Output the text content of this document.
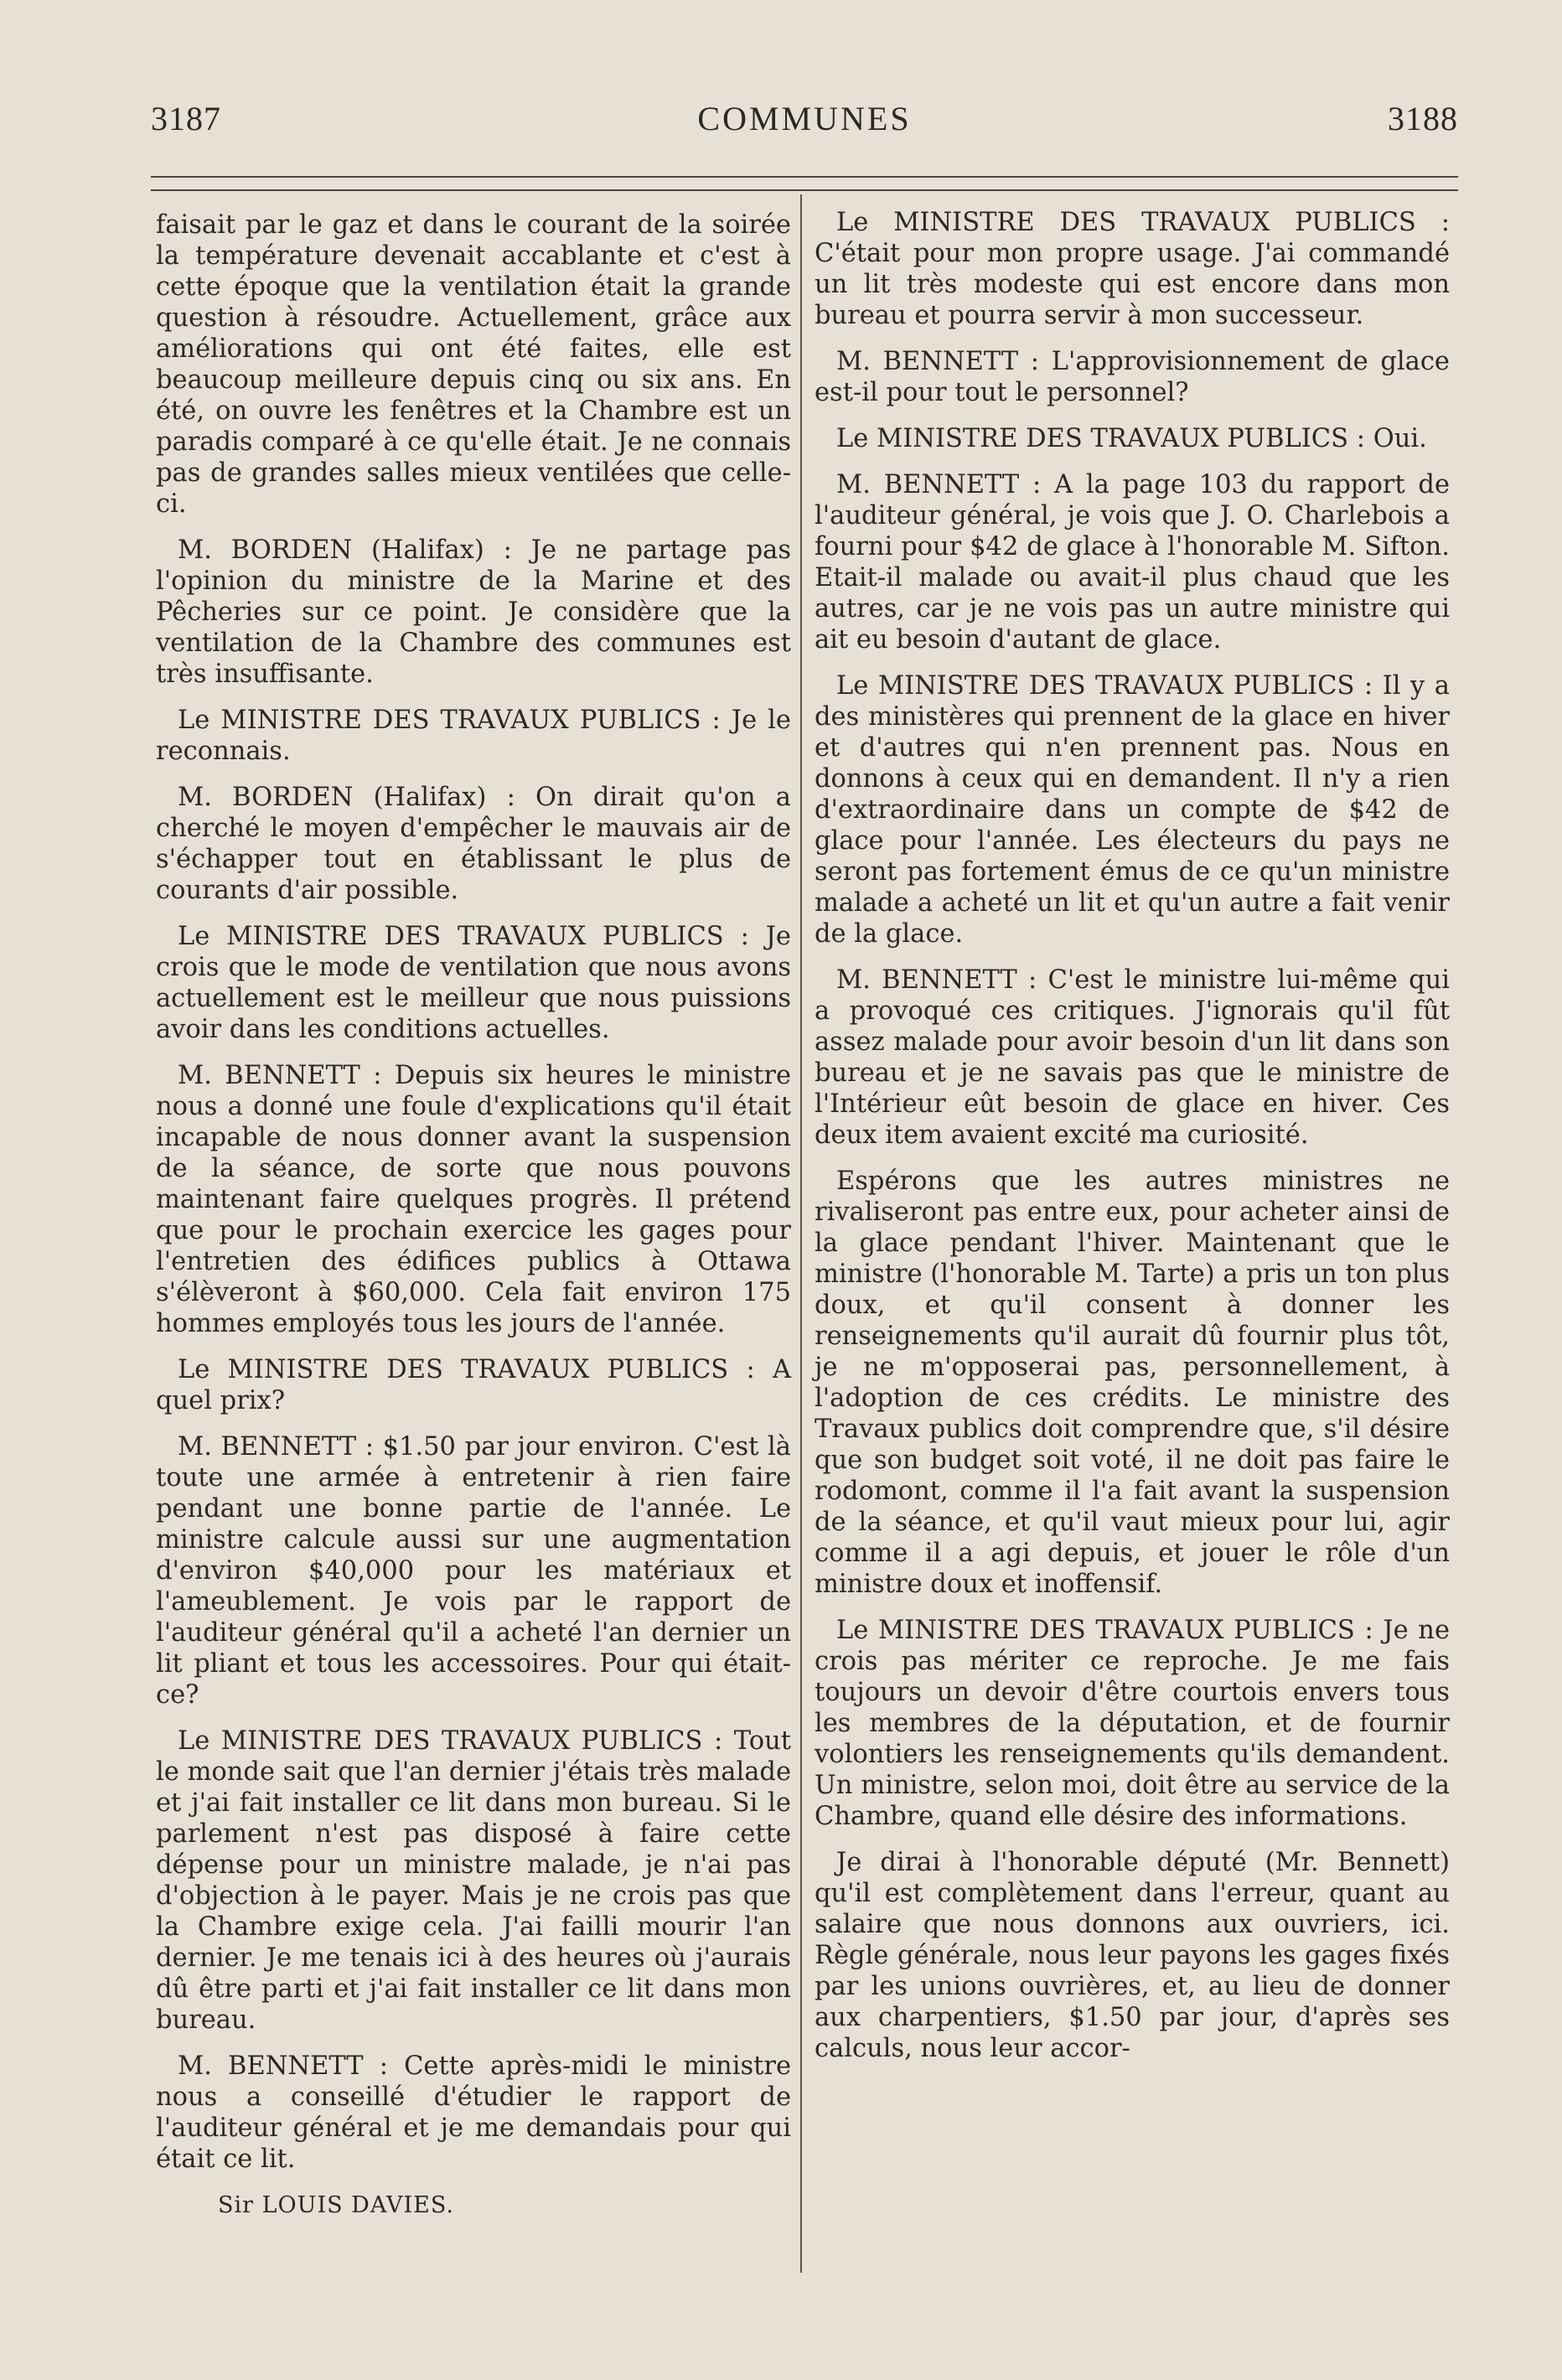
3187	COMMUNES	3188

faisait par le gaz et dans le courant de la soirée la température devenait accablante et c'est à cette époque que la ventilation était la grande question à résoudre. Actuellement, grâce aux améliorations qui ont été faites, elle est beaucoup meilleure depuis cinq ou six ans. En été, on ouvre les fenêtres et la Chambre est un paradis comparé à ce qu'elle était. Je ne connais pas de grandes salles mieux ventilées que celle-ci.

M. BORDEN (Halifax) : Je ne partage pas l'opinion du ministre de la Marine et des Pêcheries sur ce point. Je considère que la ventilation de la Chambre des communes est très insuffisante.

Le MINISTRE DES TRAVAUX PUBLICS : Je le reconnais.

M. BORDEN (Halifax) : On dirait qu'on a cherché le moyen d'empêcher le mauvais air de s'échapper tout en établissant le plus de courants d'air possible.

Le MINISTRE DES TRAVAUX PUBLICS : Je crois que le mode de ventilation que nous avons actuellement est le meilleur que nous puissions avoir dans les conditions actuelles.

M. BENNETT : Depuis six heures le ministre nous a donné une foule d'explications qu'il était incapable de nous donner avant la suspension de la séance, de sorte que nous pouvons maintenant faire quelques progrès. Il prétend que pour le prochain exercice les gages pour l'entretien des édifices publics à Ottawa s'élèveront à $60,000. Cela fait environ 175 hommes employés tous les jours de l'année.

Le MINISTRE DES TRAVAUX PUBLICS : A quel prix?

M. BENNETT : $1.50 par jour environ. C'est là toute une armée à entretenir à rien faire pendant une bonne partie de l'année. Le ministre calcule aussi sur une augmentation d'environ $40,000 pour les matériaux et l'ameublement. Je vois par le rapport de l'auditeur général qu'il a acheté l'an dernier un lit pliant et tous les accessoires. Pour qui était-ce?

Le MINISTRE DES TRAVAUX PUBLICS : Tout le monde sait que l'an dernier j'étais très malade et j'ai fait installer ce lit dans mon bureau. Si le parlement n'est pas disposé à faire cette dépense pour un ministre malade, je n'ai pas d'objection à le payer. Mais je ne crois pas que la Chambre exige cela. J'ai failli mourir l'an dernier. Je me tenais ici à des heures où j'aurais dû être parti et j'ai fait installer ce lit dans mon bureau.

M. BENNETT : Cette après-midi le ministre nous a conseillé d'étudier le rapport de l'auditeur général et je me demandais pour qui était ce lit.

Sir LOUIS DAVIES.

Le MINISTRE DES TRAVAUX PUBLICS : C'était pour mon propre usage. J'ai commandé un lit très modeste qui est encore dans mon bureau et pourra servir à mon successeur.

M. BENNETT : L'approvisionnement de glace est-il pour tout le personnel?

Le MINISTRE DES TRAVAUX PUBLICS : Oui.

M. BENNETT : A la page 103 du rapport de l'auditeur général, je vois que J. O. Charlebois a fourni pour $42 de glace à l'honorable M. Sifton. Etait-il malade ou avait-il plus chaud que les autres, car je ne vois pas un autre ministre qui ait eu besoin d'autant de glace.

Le MINISTRE DES TRAVAUX PUBLICS : Il y a des ministères qui prennent de la glace en hiver et d'autres qui n'en prennent pas. Nous en donnons à ceux qui en demandent. Il n'y a rien d'extraordinaire dans un compte de $42 de glace pour l'année. Les électeurs du pays ne seront pas fortement émus de ce qu'un ministre malade a acheté un lit et qu'un autre a fait venir de la glace.

M. BENNETT : C'est le ministre lui-même qui a provoqué ces critiques. J'ignorais qu'il fût assez malade pour avoir besoin d'un lit dans son bureau et je ne savais pas que le ministre de l'Intérieur eût besoin de glace en hiver. Ces deux item avaient excité ma curiosité.

Espérons que les autres ministres ne rivaliseront pas entre eux, pour acheter ainsi de la glace pendant l'hiver. Maintenant que le ministre (l'honorable M. Tarte) a pris un ton plus doux, et qu'il consent à donner les renseignements qu'il aurait dû fournir plus tôt, je ne m'opposerai pas, personnellement, à l'adoption de ces crédits. Le ministre des Travaux publics doit comprendre que, s'il désire que son budget soit voté, il ne doit pas faire le rodomont, comme il l'a fait avant la suspension de la séance, et qu'il vaut mieux pour lui, agir comme il a agi depuis, et jouer le rôle d'un ministre doux et inoffensif.

Le MINISTRE DES TRAVAUX PUBLICS : Je ne crois pas mériter ce reproche. Je me fais toujours un devoir d'être courtois envers tous les membres de la députation, et de fournir volontiers les renseignements qu'ils demandent. Un ministre, selon moi, doit être au service de la Chambre, quand elle désire des informations.

Je dirai à l'honorable député (Mr. Bennett) qu'il est complètement dans l'erreur, quant au salaire que nous donnons aux ouvriers, ici. Règle générale, nous leur payons les gages fixés par les unions ouvrières, et, au lieu de donner aux charpentiers, $1.50 par jour, d'après ses calculs, nous leur accor-
